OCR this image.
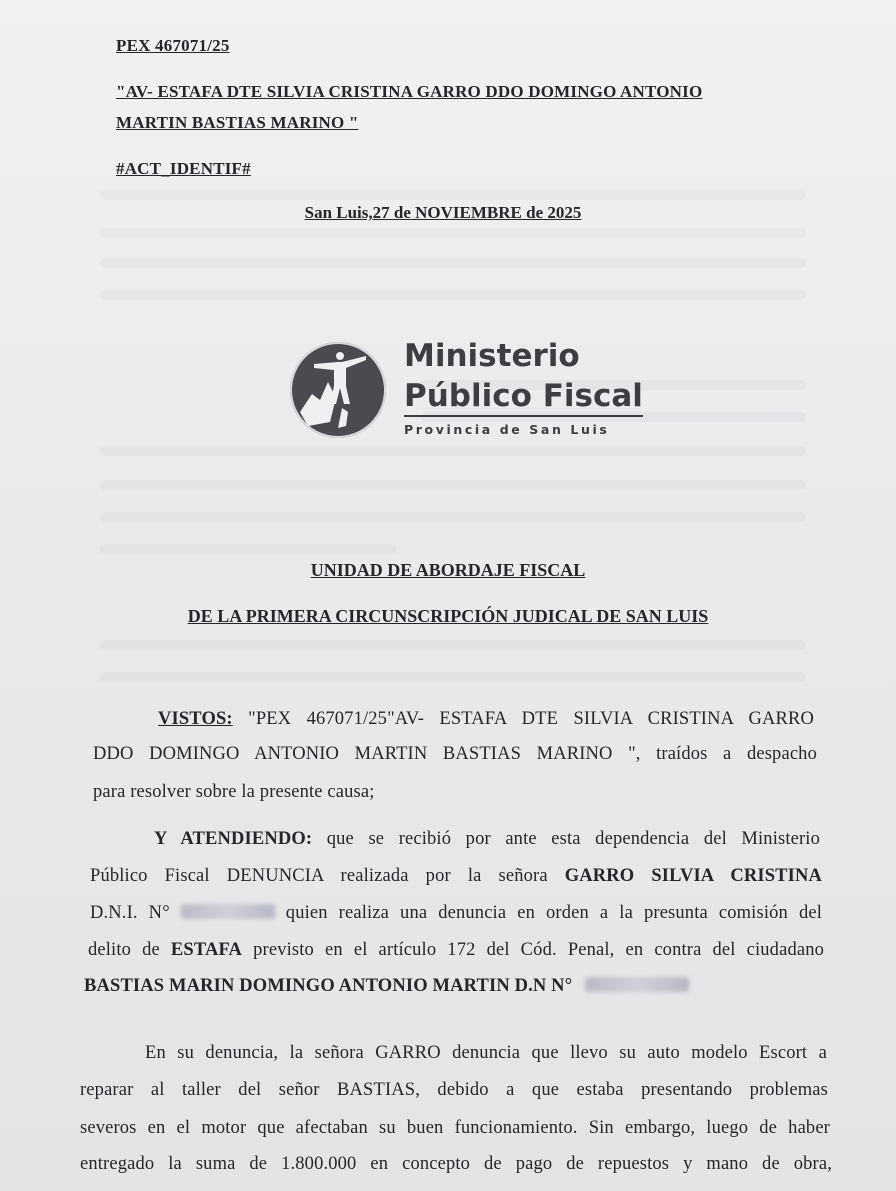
PEX 467071/25
"AV- ESTAFA DTE SILVIA CRISTINA GARRO DDO DOMINGO ANTONIO
MARTIN BASTIAS MARINO "
#ACT_IDENTIF#
San Luis,27 de NOVIEMBRE de 2025
Ministerio
Público Fiscal
Provincia de San Luis
UNIDAD DE ABORDAJE FISCAL
DE LA PRIMERA CIRCUNSCRIPCIÓN JUDICAL DE SAN LUIS
VISTOS: "PEX 467071/25"AV- ESTAFA DTE SILVIA CRISTINA GARRO
DDO DOMINGO ANTONIO MARTIN BASTIAS MARINO ", traídos a despacho
para resolver sobre la presente causa;
Y ATENDIENDO: que se recibió por ante esta dependencia del Ministerio
Público Fiscal DENUNCIA realizada por la señora GARRO SILVIA CRISTINA
D.N.I. N°	quien realiza una denuncia en orden a la presunta comisión del
delito de ESTAFA previsto en el artículo 172 del Cód. Penal, en contra del ciudadano
BASTIAS MARIN DOMINGO ANTONIO MARTIN D.N N°
En su denuncia, la señora GARRO denuncia que llevo su auto modelo Escort a
reparar al taller del señor BASTIAS, debido a que estaba presentando problemas
severos en el motor que afectaban su buen funcionamiento. Sin embargo, luego de haber
entregado la suma de 1.800.000 en concepto de pago de repuestos y mano de obra,
